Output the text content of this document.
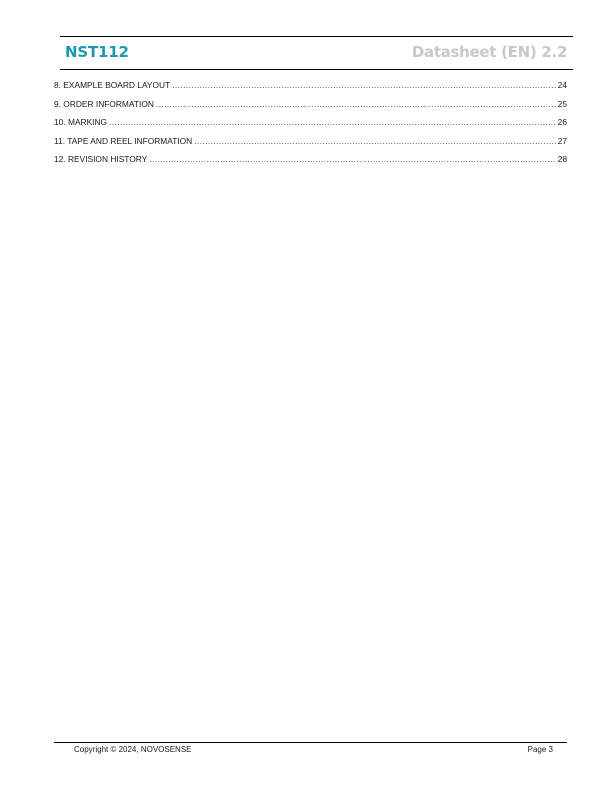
NST112	Datasheet (EN) 2.2
8. EXAMPLE BOARD LAYOUT .....	24
9. ORDER INFORMATION .....	25
10. MARKING .....	26
11. TAPE AND REEL INFORMATION .....	27
12. REVISION HISTORY .....	28
Copyright © 2024, NOVOSENSE	Page 3
